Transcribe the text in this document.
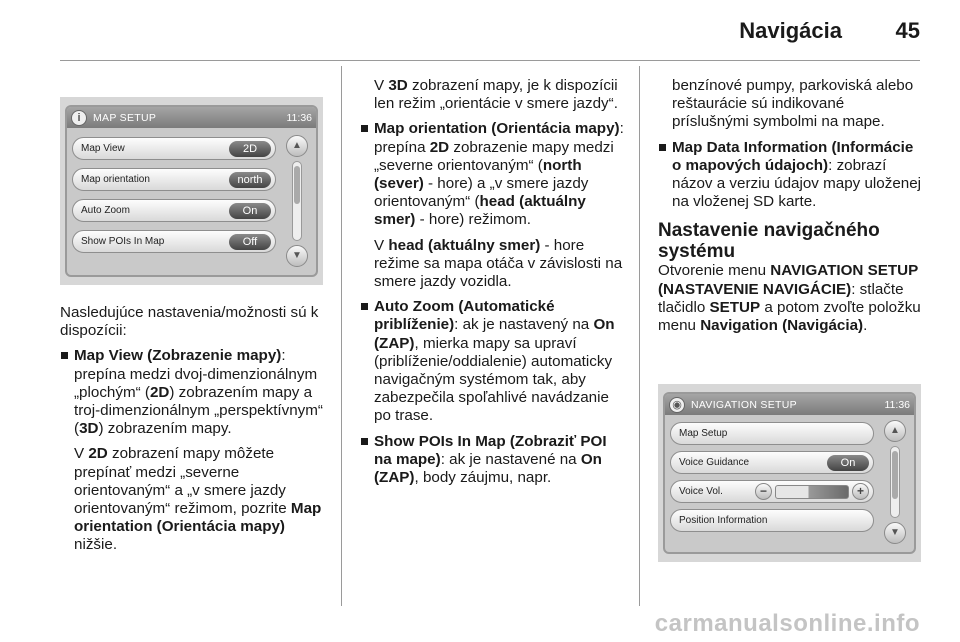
Navigácia 45
i	MAP SETUP	11:36
Map View	2D
Map orientation	north
Auto Zoom	On
Show POIs In Map	Off
▲
▼

Nasledujúce nastavenia/možnosti sú k dispozícii:

Map View (Zobrazenie mapy): prepína medzi dvoj-dimenzionálnym „plochým“ (2D) zobrazením mapy a troj-dimenzionálnym „perspektívnym“ (3D) zobrazením mapy.

V 2D zobrazení mapy môžete prepínať medzi „severne orientovaným“ a „v smere jazdy orientovaným“ režimom, pozrite Map orientation (Orientácia mapy) nižšie.

V 3D zobrazení mapy, je k dispozícii len režim „orientácie v smere jazdy“.

Map orientation (Orientácia mapy): prepína 2D zobrazenie mapy medzi „severne orientovaným“ (north (sever) - hore) a „v smere jazdy orientovaným“ (head (aktuálny smer) - hore) režimom.

V head (aktuálny smer) - hore režime sa mapa otáča v závislosti na smere jazdy vozidla.

Auto Zoom (Automatické priblíženie): ak je nastavený na On (ZAP), mierka mapy sa upraví (priblíženie/oddialenie) automaticky navigačným systémom tak, aby zabezpečila spoľahlivé navádzanie po trase.
Show POIs In Map (Zobraziť POI na mape): ak je nastavené na On (ZAP), body záujmu, napr.

benzínové pumpy, parkoviská alebo reštaurácie sú indikované príslušnými symbolmi na mape.

Map Data Information (Informácie o mapových údajoch): zobrazí názov a verziu údajov mapy uloženej na vloženej SD karte.
Nastavenie navigačného systému

Otvorenie menu NAVIGATION SETUP (NASTAVENIE NAVIGÁCIE): stlačte tlačidlo SETUP a potom zvoľte položku menu Navigation (Navigácia).

◉ NAVIGATION SETUP	11:36
Map Setup
Voice Guidance	On
Voice Vol.	−	+
Position Information
▲
▼
carmanualsonline.info
